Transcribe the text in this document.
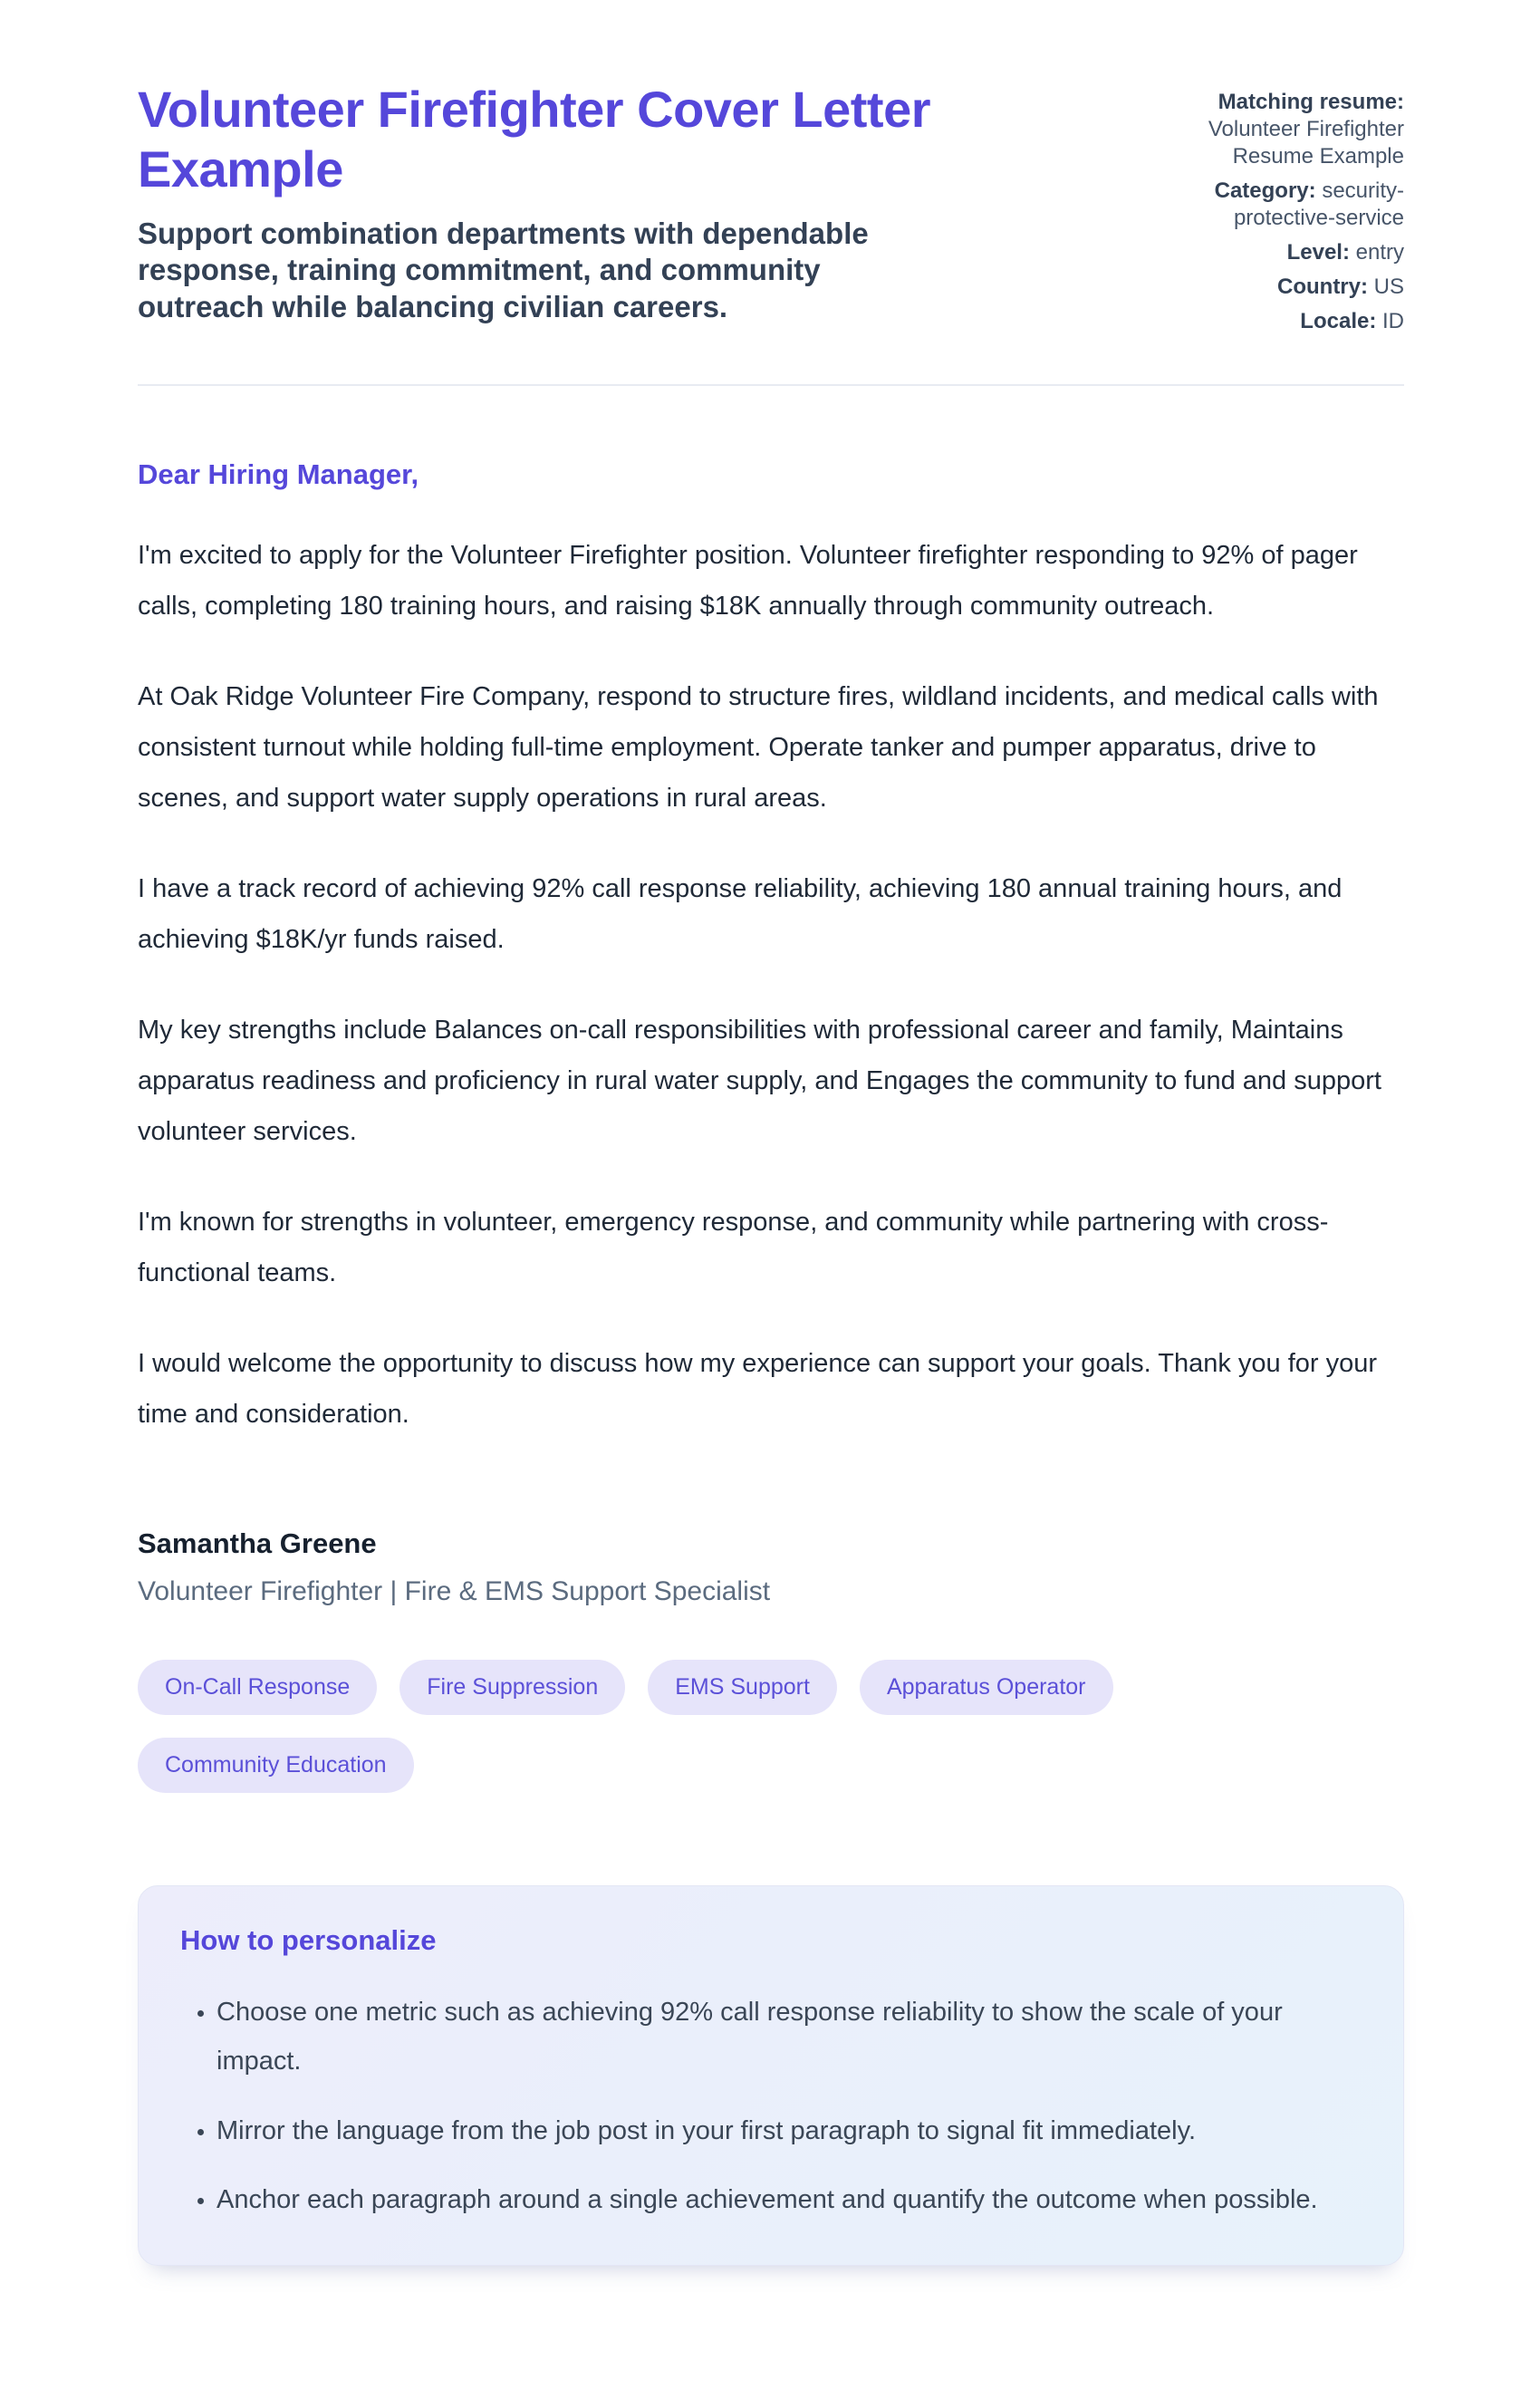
Volunteer Firefighter Cover Letter Example

Support combination departments with dependable response, training commitment, and community outreach while balancing civilian careers.

Matching resume: Volunteer Firefighter Resume Example
Category: security-protective-service
Level: entry
Country: US
Locale: ID

Dear Hiring Manager,

I'm excited to apply for the Volunteer Firefighter position. Volunteer firefighter responding to 92% of pager calls, completing 180 training hours, and raising $18K annually through community outreach.

At Oak Ridge Volunteer Fire Company, respond to structure fires, wildland incidents, and medical calls with consistent turnout while holding full-time employment. Operate tanker and pumper apparatus, drive to scenes, and support water supply operations in rural areas.

I have a track record of achieving 92% call response reliability, achieving 180 annual training hours, and achieving $18K/yr funds raised.

My key strengths include Balances on-call responsibilities with professional career and family, Maintains apparatus readiness and proficiency in rural water supply, and Engages the community to fund and support volunteer services.

I'm known for strengths in volunteer, emergency response, and community while partnering with cross-functional teams.

I would welcome the opportunity to discuss how my experience can support your goals. Thank you for your time and consideration.

Samantha Greene

Volunteer Firefighter | Fire & EMS Support Specialist

On-Call Response	Fire Suppression	EMS Support	Apparatus Operator
Community Education
How to personalize
• Choose one metric such as achieving 92% call response reliability to show the scale of your impact.
• Mirror the language from the job post in your first paragraph to signal fit immediately.
• Anchor each paragraph around a single achievement and quantify the outcome when possible.
